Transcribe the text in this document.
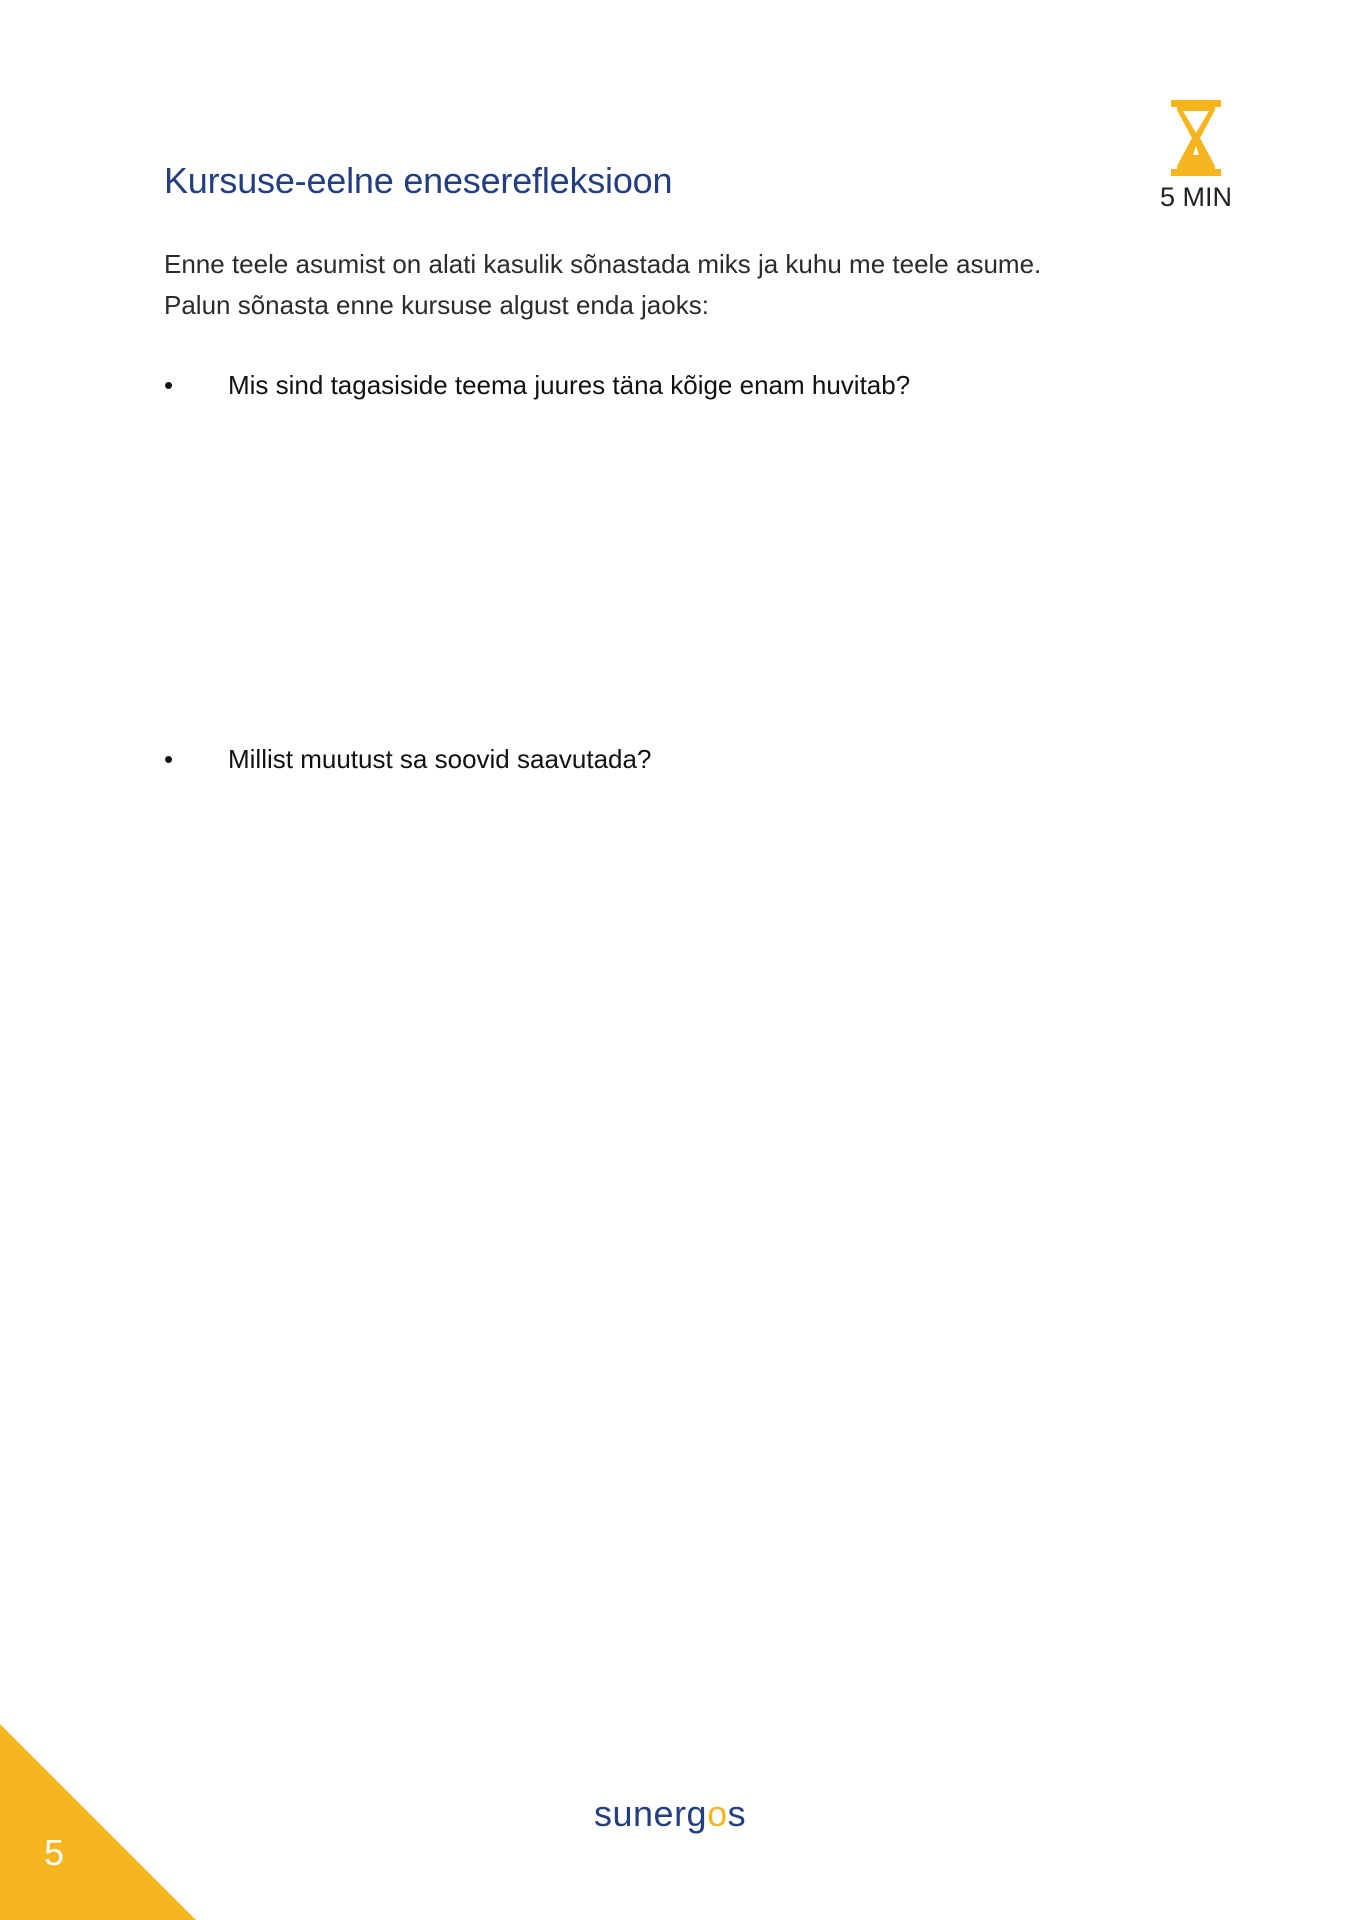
Kursuse-eelne eneserefleksioon	5 MIN
Enne teele asumist on alati kasulik sõnastada miks ja kuhu me teele asume.
Palun sõnasta enne kursuse algust enda jaoks:
• Mis sind tagasiside teema juures täna kõige enam huvitab?
• Millist muutust sa soovid saavutada?
sunergos
5
